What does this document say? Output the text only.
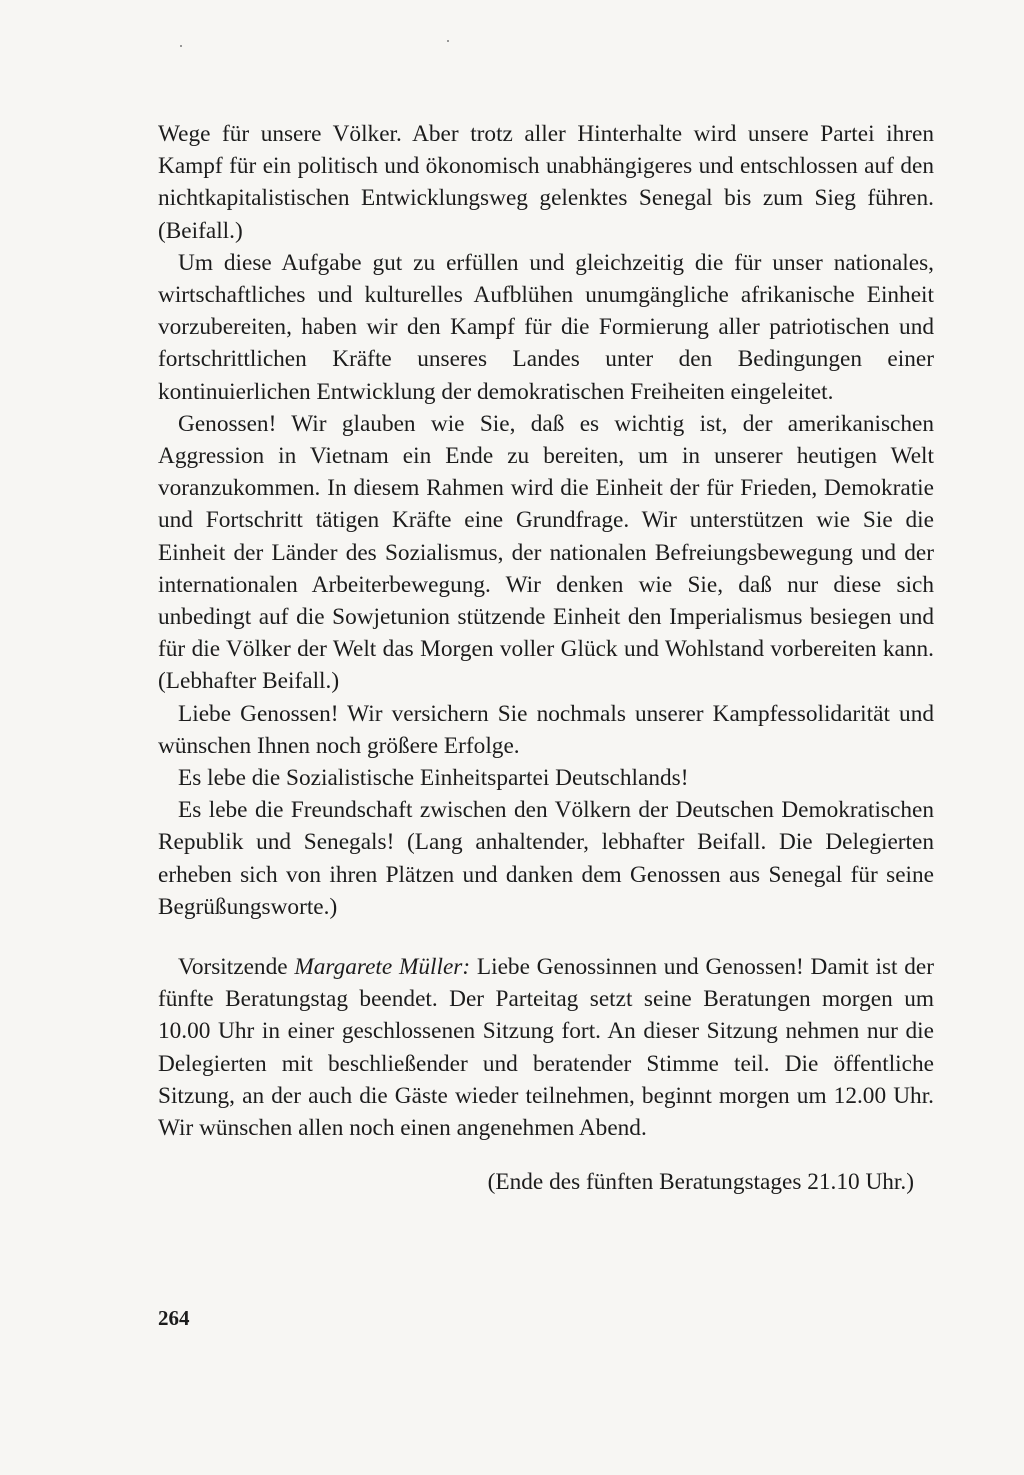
Wege für unsere Völker. Aber trotz aller Hinterhalte wird unsere Partei ihren Kampf für ein politisch und ökonomisch unabhängigeres und entschlossen auf den nichtkapitalistischen Entwicklungsweg gelenktes Senegal bis zum Sieg führen. (Beifall.)

Um diese Aufgabe gut zu erfüllen und gleichzeitig die für unser nationales, wirtschaftliches und kulturelles Aufblühen unumgängliche afrikanische Einheit vorzubereiten, haben wir den Kampf für die Formierung aller patriotischen und fortschrittlichen Kräfte unseres Landes unter den Bedingungen einer kontinuierlichen Entwicklung der demokratischen Freiheiten eingeleitet.

Genossen! Wir glauben wie Sie, daß es wichtig ist, der amerikanischen Aggression in Vietnam ein Ende zu bereiten, um in unserer heutigen Welt voranzukommen. In diesem Rahmen wird die Einheit der für Frieden, Demokratie und Fortschritt tätigen Kräfte eine Grundfrage. Wir unterstützen wie Sie die Einheit der Länder des Sozialismus, der nationalen Befreiungsbewegung und der internationalen Arbeiterbewegung. Wir denken wie Sie, daß nur diese sich unbedingt auf die Sowjetunion stützende Einheit den Imperialismus besiegen und für die Völker der Welt das Morgen voller Glück und Wohlstand vorbereiten kann. (Lebhafter Beifall.)

Liebe Genossen! Wir versichern Sie nochmals unserer Kampfessolidarität und wünschen Ihnen noch größere Erfolge.

Es lebe die Sozialistische Einheitspartei Deutschlands!

Es lebe die Freundschaft zwischen den Völkern der Deutschen Demokratischen Republik und Senegals! (Lang anhaltender, lebhafter Beifall. Die Delegierten erheben sich von ihren Plätzen und danken dem Genossen aus Senegal für seine Begrüßungsworte.)

Vorsitzende Margarete Müller: Liebe Genossinnen und Genossen! Damit ist der fünfte Beratungstag beendet. Der Parteitag setzt seine Beratungen morgen um 10.00 Uhr in einer geschlossenen Sitzung fort. An dieser Sitzung nehmen nur die Delegierten mit beschließender und beratender Stimme teil. Die öffentliche Sitzung, an der auch die Gäste wieder teilnehmen, beginnt morgen um 12.00 Uhr. Wir wünschen allen noch einen angenehmen Abend.

(Ende des fünften Beratungstages 21.10 Uhr.)

264
